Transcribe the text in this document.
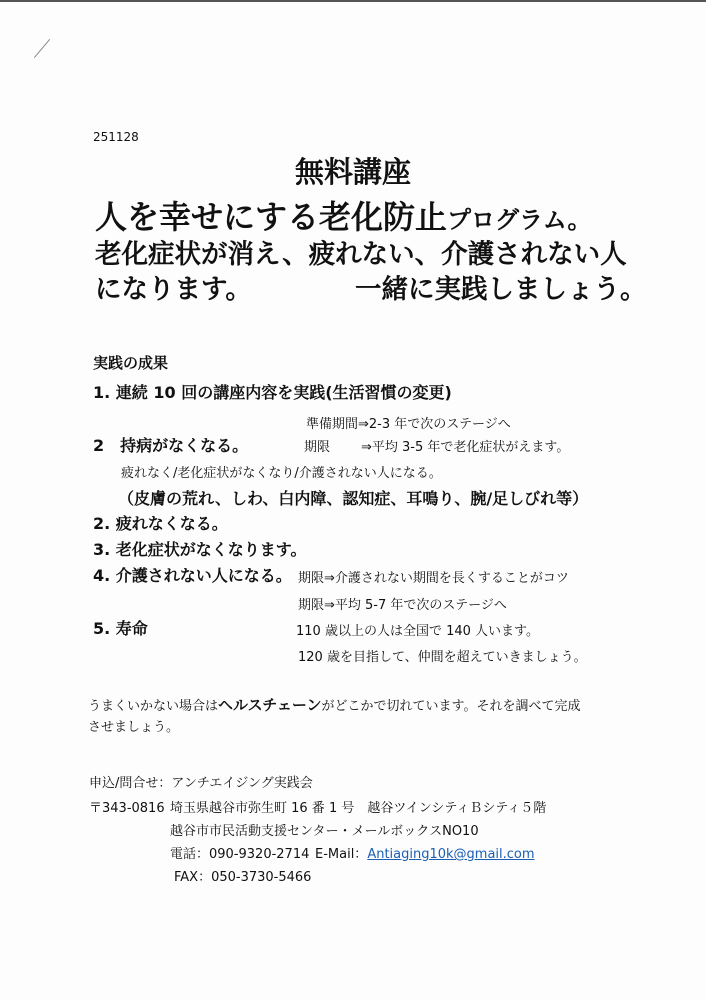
251128
無料講座
人を幸せにする老化防止プログラム。
老化症状が消え、疲れない、介護されない人
になります。	一緒に実践しましょう。
実践の成果
1. 連続 10 回の講座内容を実践(生活習慣の変更)
準備期間⇒2-3 年で次のステージへ
2　持病がなくなる。	期限 ⇒平均 3-5 年で老化症状がえます。
疲れなく/老化症状がなくなり/介護されない人になる。
（皮膚の荒れ、しわ、白内障、認知症、耳鳴り、腕/足しびれ等）
2. 疲れなくなる。
3. 老化症状がなくなります。
4. 介護されない人になる。 期限⇒介護されない期間を長くすることがコツ
期限⇒平均 5-7 年で次のステージへ
5. 寿命	110 歳以上の人は全国で 140 人います。
120 歳を目指して、仲間を超えていきましょう。
うまくいかない場合はヘルスチェーンがどこかで切れています。それを調べて完成
させましょう。
申込/問合せ：アンチエイジング実践会
〒343-0816 埼玉県越谷市弥生町 16 番 1 号　越谷ツインシティＢシティ５階
越谷市市民活動支援センター・メールボックスNO10
電話：090-9320-2714 E-Mail：Antiaging10k@gmail.com
FAX：050-3730-5466
